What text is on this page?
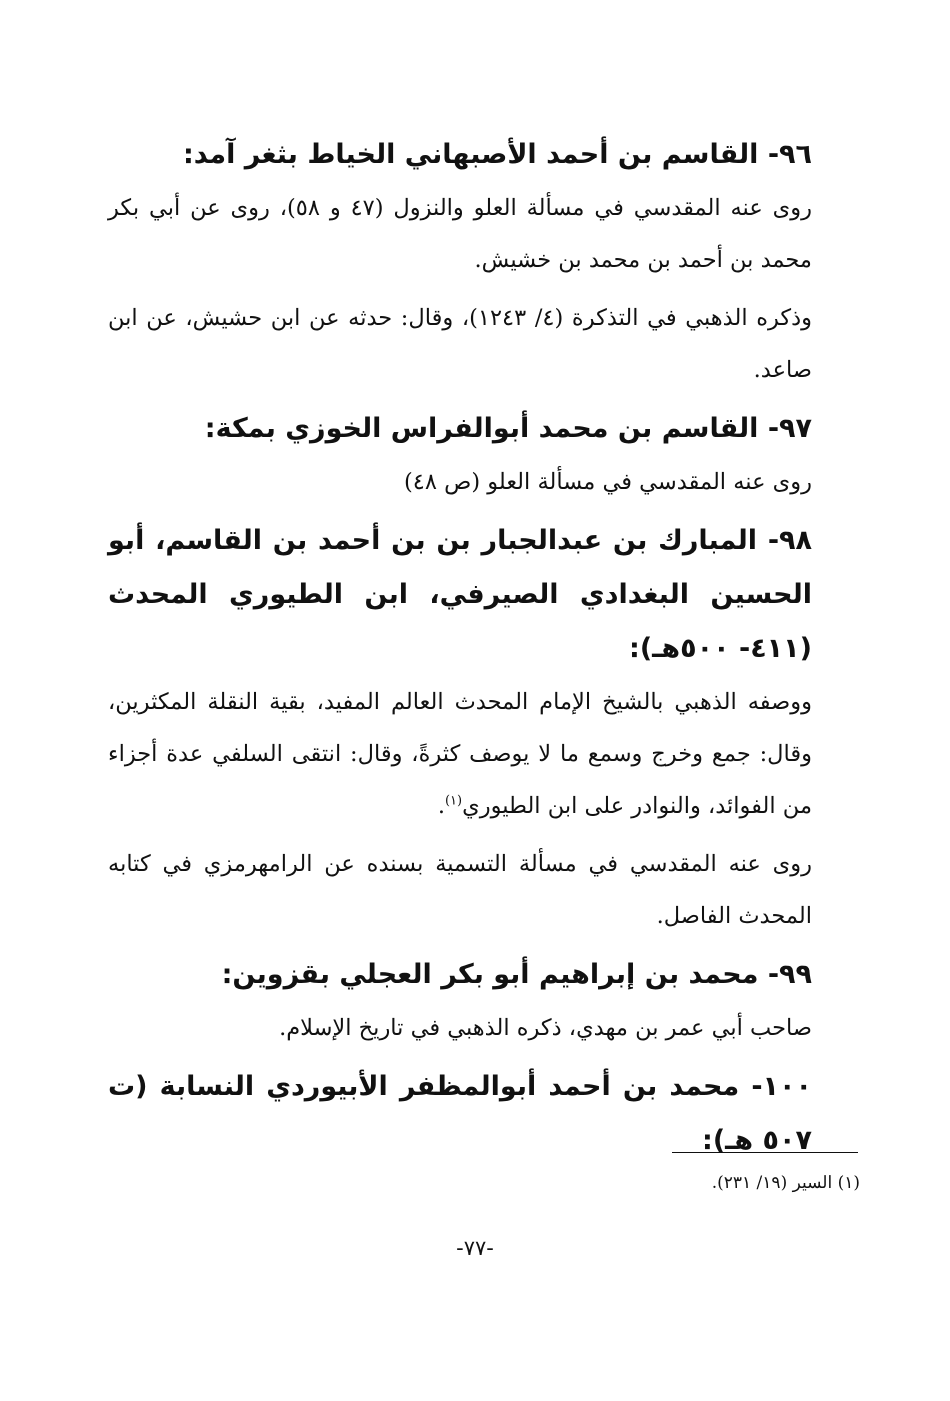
٩٦- القاسم بن أحمد الأصبهاني الخياط بثغر آمد:

روى عنه المقدسي في مسألة العلو والنزول (٤٧ و ٥٨)، روى عن أبي بكر محمد بن أحمد بن محمد بن خشيش.

وذكره الذهبي في التذكرة (٤/ ١٢٤٣)، وقال: حدثه عن ابن حشيش، عن ابن صاعد.

٩٧- القاسم بن محمد أبوالفراس الخوزي بمكة:

روى عنه المقدسي في مسألة العلو (ص ٤٨)

٩٨- المبارك بن عبدالجبار بن بن أحمد بن القاسم، أبو الحسين البغدادي الصيرفي، ابن الطيوري المحدث (٤١١- ٥٠٠هـ):

ووصفه الذهبي بالشيخ الإمام المحدث العالم المفيد، بقية النقلة المكثرين، وقال: جمع وخرج وسمع ما لا يوصف كثرةً، وقال: انتقى السلفي عدة أجزاء من الفوائد، والنوادر على ابن الطيوري$^{(١)}$.

روى عنه المقدسي في مسألة التسمية بسنده عن الرامهرمزي في كتابه المحدث الفاصل.

٩٩- محمد بن إبراهيم أبو بكر العجلي بقزوين:

صاحب أبي عمر بن مهدي، ذكره الذهبي في تاريخ الإسلام.

١٠٠- محمد بن أحمد أبوالمظفر الأبيوردي النسابة (ت ٥٠٧ هـ):
(١) السير (١٩/ ٢٣١).
-٧٧-
